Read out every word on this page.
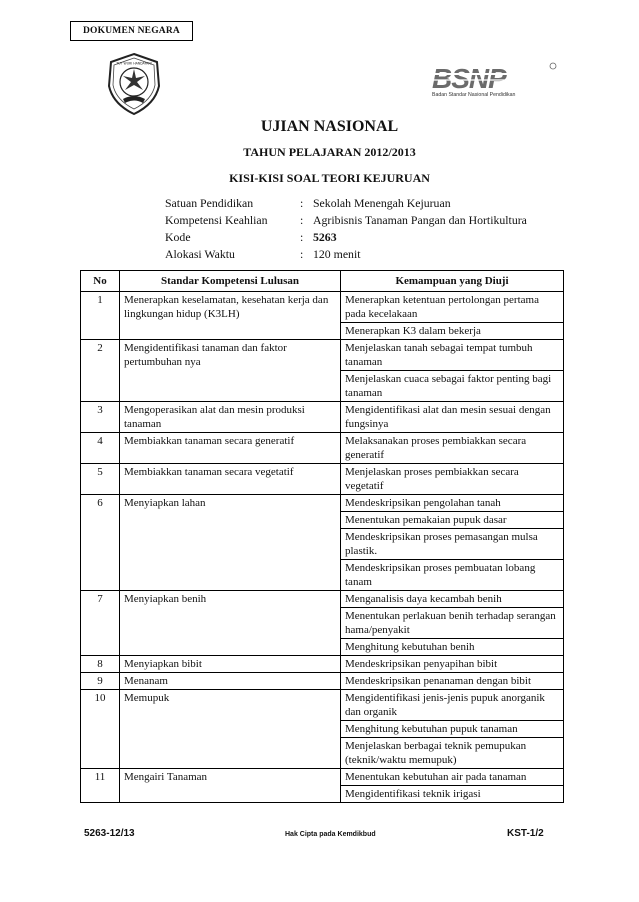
DOKUMEN NEGARA
TUT WURI HANDAYANI	BSNP
Badan Standar Nasional Pendidikan
UJIAN NASIONAL
TAHUN PELAJARAN 2012/2013
KISI-KISI SOAL TEORI KEJURUAN
Satuan Pendidikan	: Sekolah Menengah Kejuruan
Kompetensi Keahlian	: Agribisnis Tanaman Pangan dan Hortikultura
Kode	: 5263
Alokasi Waktu	: 120 menit
No	Standar Kompetensi Lulusan	Kemampuan yang Diuji
1	Menerapkan keselamatan, kesehatan kerja dan lingkungan hidup (K3LH)	Menerapkan ketentuan pertolongan pertama pada kecelakaan
		Menerapkan K3 dalam bekerja
2	Mengidentifikasi tanaman dan faktor pertumbuhan nya	Menjelaskan tanah sebagai tempat tumbuh tanaman
		Menjelaskan cuaca sebagai faktor penting bagi tanaman
3	Mengoperasikan alat dan mesin produksi tanaman	Mengidentifikasi alat dan mesin sesuai dengan fungsinya
4	Membiakkan tanaman secara generatif	Melaksanakan proses pembiakkan secara generatif
5	Membiakkan tanaman secara vegetatif	Menjelaskan proses pembiakkan secara vegetatif
6	Menyiapkan lahan	Mendeskripsikan pengolahan tanah
		Menentukan pemakaian pupuk dasar
		Mendeskripsikan proses pemasangan mulsa plastik.
		Mendeskripsikan proses pembuatan lobang tanam
7	Menyiapkan benih	Menganalisis daya kecambah benih
		Menentukan perlakuan benih terhadap serangan hama/penyakit
		Menghitung kebutuhan benih
8	Menyiapkan bibit	Mendeskripsikan penyapihan bibit
9	Menanam	Mendeskripsikan penanaman dengan bibit
10	Memupuk	Mengidentifikasi jenis-jenis pupuk anorganik dan organik
		Menghitung kebutuhan pupuk tanaman
		Menjelaskan berbagai teknik pemupukan (teknik/waktu memupuk)
11	Mengairi Tanaman	Menentukan kebutuhan air pada tanaman
		Mengidentifikasi teknik irigasi
5263-12/13	Hak Cipta pada Kemdikbud	KST-1/2
